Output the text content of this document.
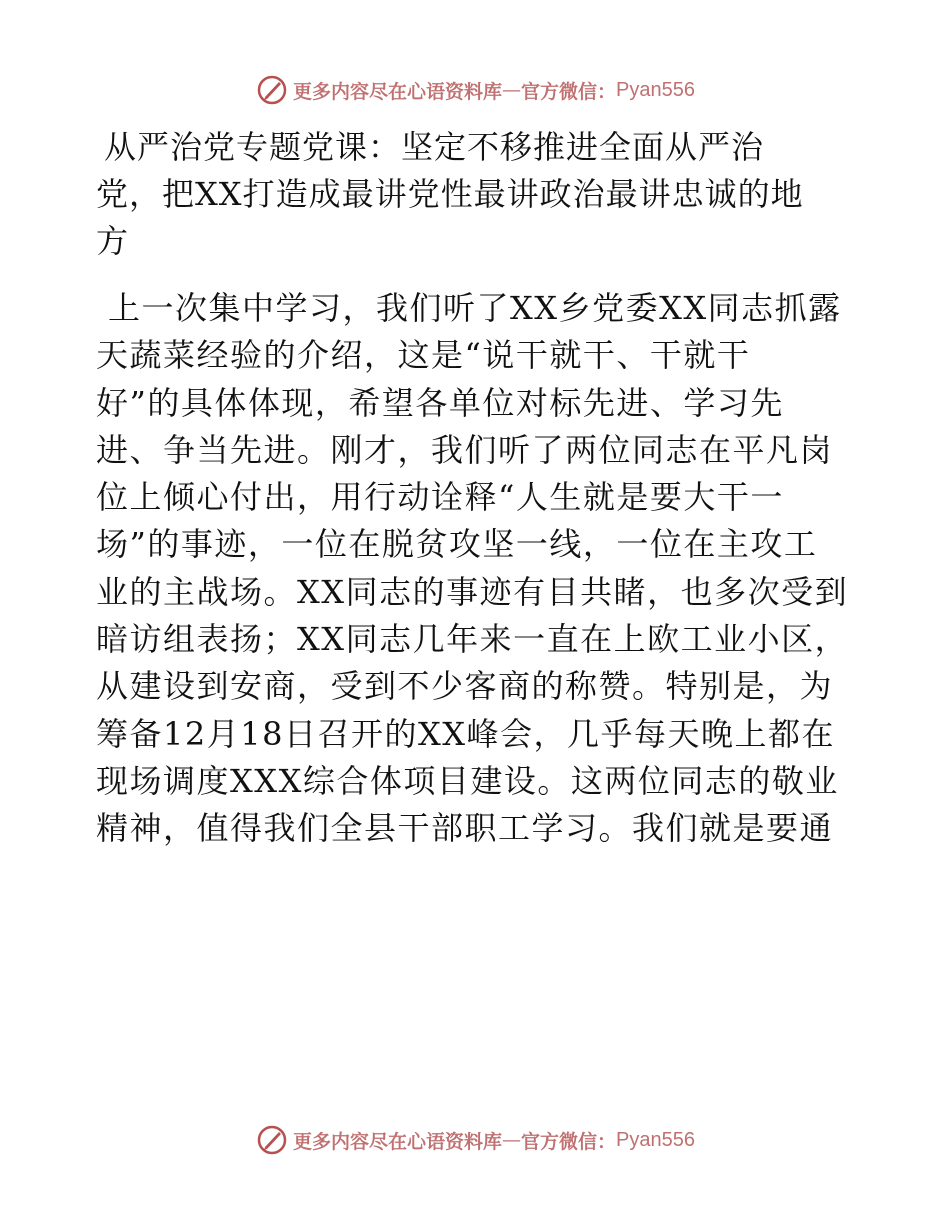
更多内容尽在心语资料库 — 官方微信： Pyan556
从严治党专题党课：坚定不移推进全面从严治
党，把XX打造成最讲党性最讲政治最讲忠诚的地
方

上一次集中学习，我们听了XX乡党委XX同志抓露
天蔬菜经验的介绍，这是“说干就干、干就干
好”的具体体现，希望各单位对标先进、学习先
进、争当先进。刚才，我们听了两位同志在平凡岗
位上倾心付出，用行动诠释“人生就是要大干一
场”的事迹，一位在脱贫攻坚一线，一位在主攻工
业的主战场。XX同志的事迹有目共睹，也多次受到
暗访组表扬；XX同志几年来一直在上欧工业小区，
从建设到安商，受到不少客商的称赞。特别是，为
筹备12月18日召开的XX峰会，几乎每天晚上都在
现场调度XXX综合体项目建设。这两位同志的敬业
精神，值得我们全县干部职工学习。我们就是要通

更多内容尽在心语资料库 — 官方微信： Pyan556
